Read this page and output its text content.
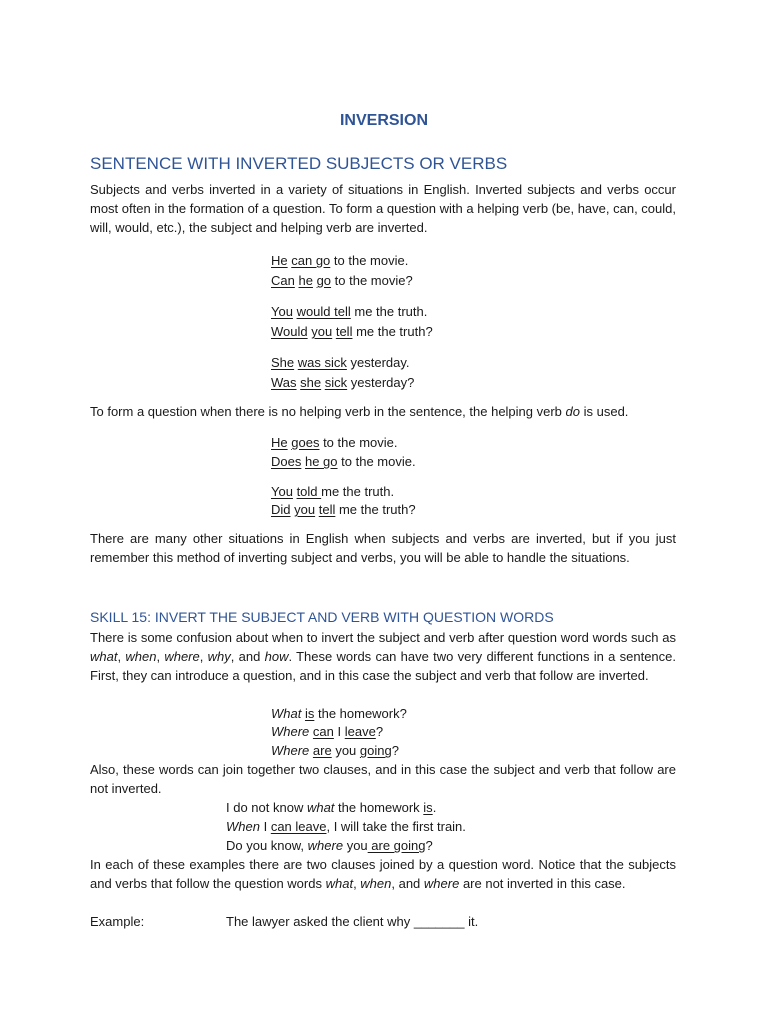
INVERSION
SENTENCE WITH INVERTED SUBJECTS OR VERBS
Subjects and verbs inverted in a variety of situations in English. Inverted subjects and verbs occur most often in the formation of a question. To form a question with a helping verb (be, have, can, could, will, would, etc.), the subject and helping verb are inverted.
He can go to the movie.
Can he go to the movie?
You would tell me the truth.
Would you tell me the truth?
She was sick yesterday.
Was she sick yesterday?
To form a question when there is no helping verb in the sentence, the helping verb do is used.
He goes to the movie.
Does he go to the movie.
You told me the truth.
Did you tell me the truth?
There are many other situations in English when subjects and verbs are inverted, but if you just remember this method of inverting subject and verbs, you will be able to handle the situations.
SKILL 15: INVERT THE SUBJECT AND VERB WITH QUESTION WORDS
There is some confusion about when to invert the subject and verb after question word words such as what, when, where, why, and how. These words can have two very different functions in a sentence. First, they can introduce a question, and in this case the subject and verb that follow are inverted.
What is the homework?
Where can I leave?
Where are you going?
Also, these words can join together two clauses, and in this case the subject and verb that follow are not inverted.
I do not know what the homework is.
When I can leave, I will take the first train.
Do you know, where you are going?
In each of these examples there are two clauses joined by a question word. Notice that the subjects and verbs that follow the question words what, when, and where are not inverted in this case.
Example:	The lawyer asked the client why _______ it.
